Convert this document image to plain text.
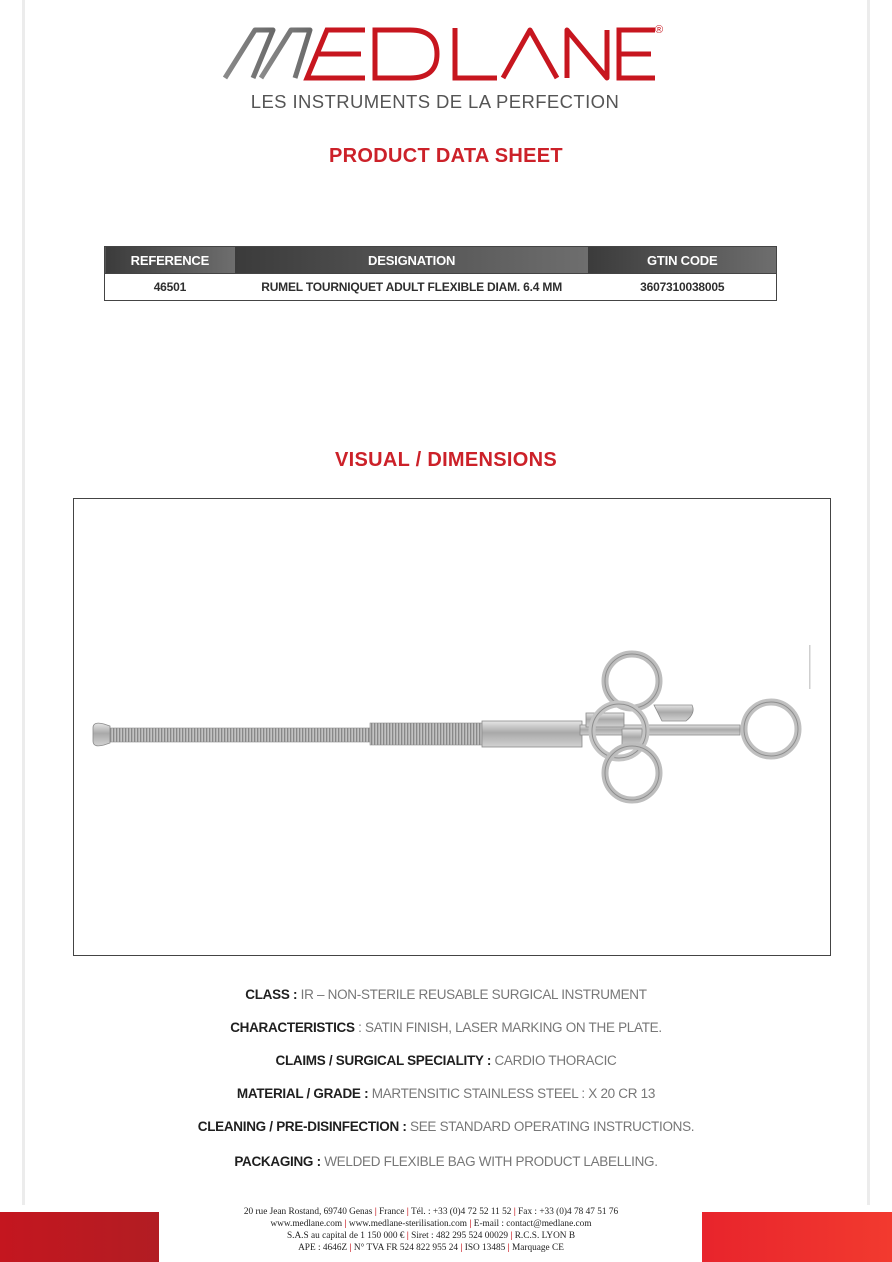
®
LES INSTRUMENTS DE LA PERFECTION
PRODUCT DATA SHEET
REFERENCE	DESIGNATION	GTIN CODE
46501	RUMEL TOURNIQUET ADULT FLEXIBLE DIAM. 6.4 MM	3607310038005
VISUAL / DIMENSIONS
CLASS : IR – NON-STERILE REUSABLE SURGICAL INSTRUMENT
CHARACTERISTICS : SATIN FINISH, LASER MARKING ON THE PLATE.
CLAIMS / SURGICAL SPECIALITY : CARDIO THORACIC
MATERIAL / GRADE : MARTENSITIC STAINLESS STEEL : X 20 CR 13
CLEANING / PRE-DISINFECTION : SEE STANDARD OPERATING INSTRUCTIONS.
PACKAGING : WELDED FLEXIBLE BAG WITH PRODUCT LABELLING.
20 rue Jean Rostand, 69740 Genas | France | Tél. : +33 (0)4 72 52 11 52 | Fax : +33 (0)4 78 47 51 76
www.medlane.com | www.medlane-sterilisation.com | E-mail : contact@medlane.com
S.A.S au capital de 1 150 000 € | Siret : 482 295 524 00029 | R.C.S. LYON B
APE : 4646Z | N° TVA FR 524 822 955 24 | ISO 13485 | Marquage CE
